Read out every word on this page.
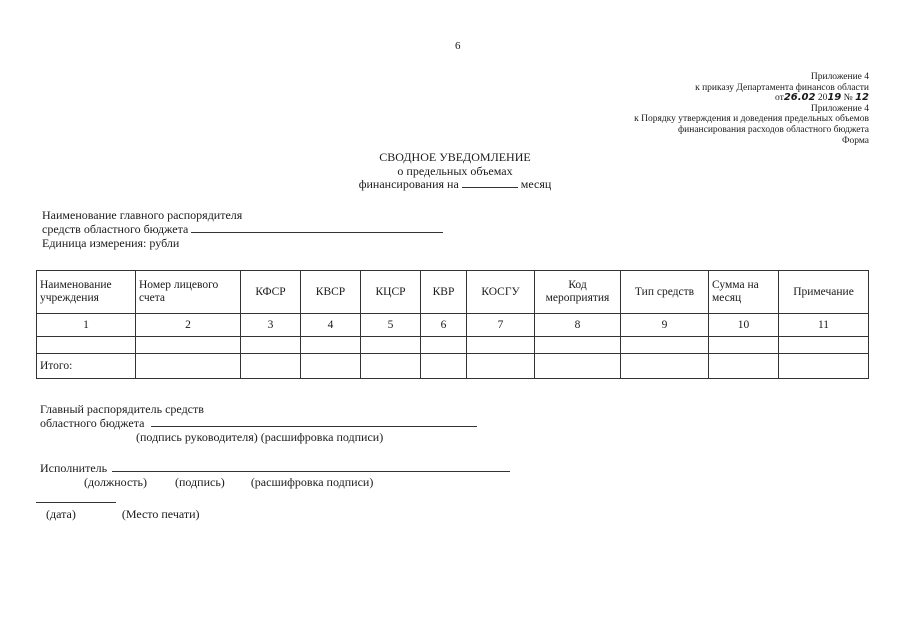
6
Приложение 4
к приказу Департамента финансов области
от26.02 2019 № 12
Приложение 4
к Порядку утверждения и доведения предельных объемов
финансирования расходов областного бюджета
Форма
СВОДНОЕ УВЕДОМЛЕНИЕ
о предельных объемах
финансирования на	месяц
Наименование главного распорядителя
средств областного бюджета
Единица измерения: рубли
Наименование учреждения	Номер лицевого счета	КФСР	КВСР	КЦСР	КВР	КОСГУ	Код мероприятия	Тип средств	Сумма на месяц	Примечание
1	2	3	4	5	6	7	8	9	10	11

Итого:										
Главный распорядитель средств
областного бюджета
(подпись руководителя) (расшифровка подписи)
Исполнитель
(должность) (подпись) (расшифровка подписи)
(дата)	(Место печати)
